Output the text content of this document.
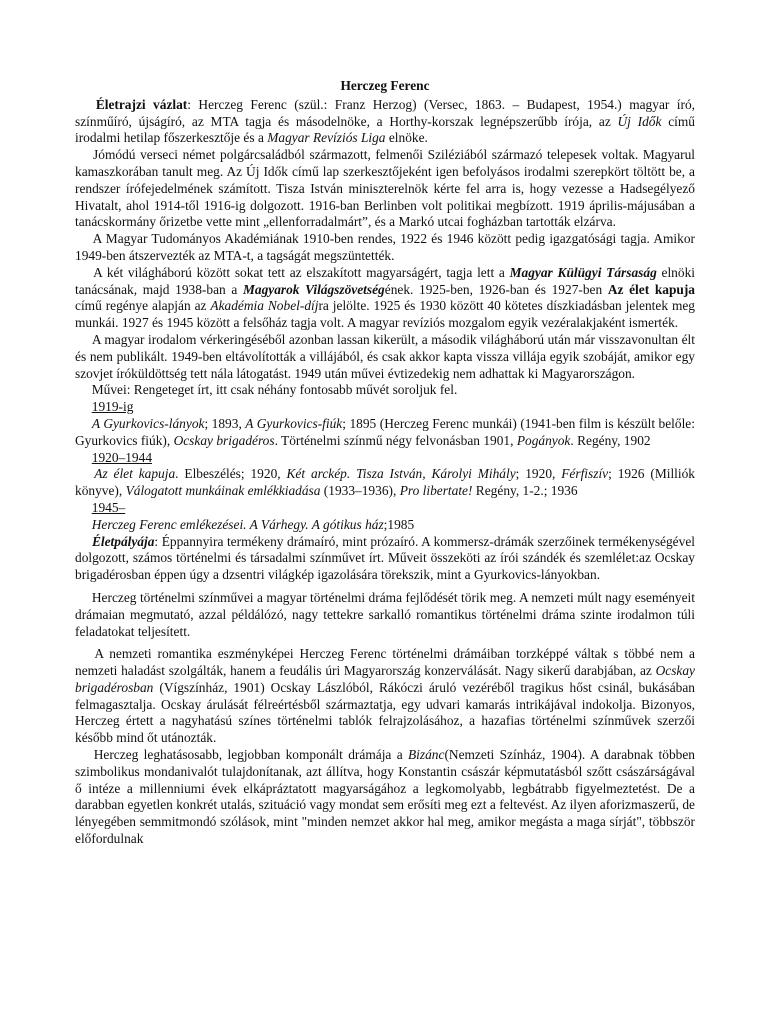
Herczeg Ferenc

  Életrajzi vázlat: Herczeg Ferenc (szül.: Franz Herzog) (Versec, 1863. – Budapest, 1954.) magyar író, színműíró, újságíró, az MTA tagja és másodelnöke, a Horthy-korszak legnépszerűbb írója, az Új Idők című irodalmi hetilap főszerkesztője és a Magyar Revíziós Liga elnöke.

  Jómódú verseci német polgárcsaládból származott, felmenői Sziléziából származó telepesek voltak. Magyarul kamaszkorában tanult meg. Az Új Idők című lap szerkesztőjeként igen befolyásos irodalmi szerepkört töltött be, a rendszer írófejedelmének számított. Tisza István miniszterelnök kérte fel arra is, hogy vezesse a Hadsegélyező Hivatalt, ahol 1914-től 1916-ig dolgozott. 1916-ban Berlinben volt politikai megbízott. 1919 április-májusában a tanácskormány őrizetbe vette mint „ellenforradalmárt”, és a Markó utcai fogházban tartották elzárva.

  A Magyar Tudományos Akadémiának 1910-ben rendes, 1922 és 1946 között pedig igazgatósági tagja. Amikor 1949-ben átszervezték az MTA-t, a tagságát megszüntették.

  A két világháború között sokat tett az elszakított magyarságért, tagja lett a Magyar Külügyi Társaság elnöki tanácsának, majd 1938-ban a Magyarok Világszövetségének. 1925-ben, 1926-ban és 1927-ben Az élet kapuja című regénye alapján az Akadémia Nobel-díjra jelölte. 1925 és 1930 között 40 kötetes díszkiadásban jelentek meg munkái. 1927 és 1945 között a felsőház tagja volt. A magyar revíziós mozgalom egyik vezéralakjaként ismerték.

  A magyar irodalom vérkeringéséből azonban lassan kikerült, a második világháború után már visszavonultan élt és nem publikált. 1949-ben eltávolították a villájából, és csak akkor kapta vissza villája egyik szobáját, amikor egy szovjet íróküldöttség tett nála látogatást. 1949 után művei évtizedekig nem adhattak ki Magyarországon.

  Művei: Rengeteget írt, itt csak néhány fontosabb művét soroljuk fel.

  1919-ig

  A Gyurkovics-lányok; 1893, A Gyurkovics-fiúk; 1895 (Herczeg Ferenc munkái) (1941-ben film is készült belőle: Gyurkovics fiúk), Ocskay brigadéros. Történelmi színmű négy felvonásban 1901, Pogányok. Regény, 1902

  1920–1944

  Az élet kapuja. Elbeszélés; 1920, Két arckép. Tisza István, Károlyi Mihály; 1920, Férfiszív; 1926 (Milliók könyve), Válogatott munkáinak emlékkiadása (1933–1936), Pro libertate! Regény, 1-2.; 1936

  1945–

  Herczeg Ferenc emlékezései. A Várhegy. A gótikus ház;1985

  Életpályája: Éppannyira termékeny drámaíró, mint prózaíró. A kommersz-drámák szerzőinek termékenységével dolgozott, számos történelmi és társadalmi színművet írt. Műveit összeköti az írói szándék és szemlélet:az Ocskay brigadérosban éppen úgy a dzsentri világkép igazolására törekszik, mint a Gyurkovics-lányokban.

  Herczeg történelmi színművei a magyar történelmi dráma fejlődését törik meg. A nemzeti múlt nagy eseményeit drámaian megmutató, azzal példálózó, nagy tettekre sarkalló romantikus történelmi dráma szinte irodalmon túli feladatokat teljesített.

  A nemzeti romantika eszményképei Herczeg Ferenc történelmi drámáiban torzképpé váltak s többé nem a nemzeti haladást szolgálták, hanem a feudális úri Magyarország konzerválását. Nagy sikerű darabjában, az Ocskay brigadérosban (Vígszínház, 1901) Ocskay Lászlóból, Rákóczi áruló vezéréből tragikus hőst csinál, bukásában felmagasztalja. Ocskay árulását félreértésből származtatja, egy udvari kamarás intrikájával indokolja. Bizonyos, Herczeg értett a nagyhatású színes történelmi tablók felrajzolásához, a hazafias történelmi színművek szerzői később mind őt utánozták.

  Herczeg leghatásosabb, legjobban komponált drámája a Bizánc(Nemzeti Színház, 1904). A darabnak többen szimbolikus mondanivalót tulajdonítanak, azt állítva, hogy Konstantin császár képmutatásból szőtt császárságával ő intéze a millenniumi évek elkápráztatott magyarságához a legkomolyabb, legbátrabb figyelmeztetést. De a darabban egyetlen konkrét utalás, szituáció vagy mondat sem erősíti meg ezt a feltevést. Az ilyen aforizmaszerű, de lényegében semmitmondó szólások, mint "minden nemzet akkor hal meg, amikor megásta a maga sírját", többször előfordulnak
